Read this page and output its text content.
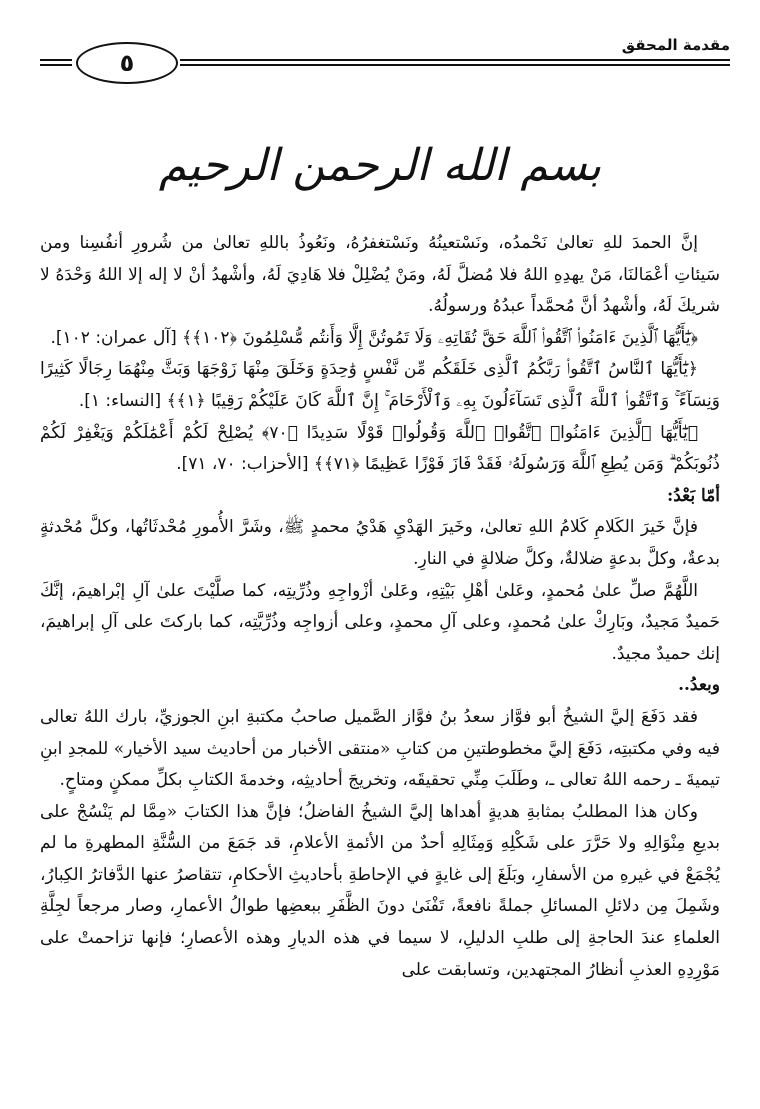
مقدمة المحقق
٥
بسم الله الرحمن الرحيم

إنَّ الحمدَ للهِ تعالىٰ نَحْمدُه، ونَسْتعينُهُ ونَسْتغفرُهُ، ونَعُوذُ باللهِ تعالىٰ من شُرورِ أنفُسِنا ومن سَيئاتِ أعْمَالنَا، مَنْ يهدِهِ اللهُ فلا مُضلَّ لَهُ، ومَنْ يُضْلِلْ فلا هَادِيَ لَهُ، وأشْهدُ أنْ لا إله إلا اللهُ وَحْدَهُ لا شريكَ لَهُ، وأشْهدُ أنَّ مُحمَّداً عبدُهُ ورسولُهُ.

﴿يَٰٓأَيُّهَا ٱلَّذِينَ ءَامَنُوا۟ ٱتَّقُوا۟ ٱللَّهَ حَقَّ تُقَاتِهِۦ وَلَا تَمُوتُنَّ إِلَّا وَأَنتُم مُّسْلِمُونَ ﴿١٠٢﴾﴾ [آل عمران: ١٠٢].

﴿يَٰٓأَيُّهَا ٱلنَّاسُ ٱتَّقُوا۟ رَبَّكُمُ ٱلَّذِى خَلَقَكُم مِّن نَّفْسٍ وَٰحِدَةٍ وَخَلَقَ مِنْهَا زَوْجَهَا وَبَثَّ مِنْهُمَا رِجَالًا كَثِيرًا وَنِسَآءً ۚ وَٱتَّقُوا۟ ٱللَّهَ ٱلَّذِى تَسَآءَلُونَ بِهِۦ وَٱلْأَرْحَامَ ۚ إِنَّ ٱللَّهَ كَانَ عَلَيْكُمْ رَقِيبًا ﴿١﴾﴾ [النساء: ١].

﴿يَٰٓأَيُّهَا ٱلَّذِينَ ءَامَنُوا۟ ٱتَّقُوا۟ ٱللَّهَ وَقُولُوا۟ قَوْلًا سَدِيدًا ﴿٧٠﴾ يُصْلِحْ لَكُمْ أَعْمَٰلَكُمْ وَيَغْفِرْ لَكُمْ ذُنُوبَكُمْ ۗ وَمَن يُطِعِ ٱللَّهَ وَرَسُولَهُۥ فَقَدْ فَازَ فَوْزًا عَظِيمًا ﴿٧١﴾﴾ [الأحزاب: ٧٠، ٧١].

أمّا بَعْدُ:

فإنَّ خَيرَ الكَلامِ كَلامُ اللهِ تعالىٰ، وخَيرَ الهَدْيِ هَدْيُ محمدٍ ﷺ، وشَرَّ الأُمورِ مُحْدثَاتُها، وكلَّ مُحْدثةٍ بدعةٌ، وكلَّ بدعةٍ ضلالةٌ، وكلَّ ضلالةٍ في النارِ.

اللَّهُمَّ صلِّ علىٰ مُحمدٍ، وعَلىٰ أهْلِ بَيْتِهِ، وعَلىٰ أزْواجِهِ وذُرِّيتِه، كما صلَّيْتَ علىٰ آلِ إبْراهيمَ، إنَّكَ حَميدٌ مَجيدٌ، وبَارِكْ علىٰ مُحمدٍ، وعلى آلِ محمدٍ، وعلى أزواجِه وذُرِّيَّتِه، كما باركتَ على آلِ إبراهيمَ، إنك حميدٌ مجيدٌ.

وبعدُ..

فقد دَفَعَ إليَّ الشيخُ أبو فوَّاز سعدُ بنُ فوَّاز الصَّميل صاحبُ مكتبةِ ابنِ الجوزيِّ، بارك اللهُ تعالى فيه وفي مكتبتِه، دَفَعَ إليَّ مخطوطتينِ من كتابِ «منتقى الأخبار من أحاديث سيد الأخيار» للمجدِ ابنِ تيميةَ ـ رحمه اللهُ تعالى ـ، وطَلَبَ مِنِّي تحقيقَه، وتخريجَ أحاديثِه، وخدمةَ الكتابِ بكلِّ ممكنٍ ومتاحٍ.

وكان هذا المطلبُ بمثابةِ هديةٍ أهداها إليَّ الشيخُ الفاضلُ؛ فإنَّ هذا الكتابَ «مِمَّا لم يَنْسُجْ على بديعِ مِنْوَالِهِ ولا حَرَّرَ على شَكْلِهِ وَمِثَالِهِ أحدٌ من الأئمةِ الأعلامِ، قد جَمَعَ من السُّنَّةِ المطهرةِ ما لم يُجْمَعْ في غيرهِ من الأسفارِ، وبَلَغَ إلى غايةٍ في الإحاطةِ بأحاديثِ الأحكامِ، تتقاصرُ عنها الدَّفاترُ الكِبارُ، وشَمِلَ مِن دلائلِ المسائلِ جملةً نافعةً، تَفْنَىٰ دونَ الظَّفَرِ ببعضِها طوالُ الأعمارِ، وصار مرجعاً لجِلَّةِ العلماءِ عندَ الحاجةِ إلى طلبِ الدليلِ، لا سيما في هذه الديارِ وهذه الأعصارِ؛ فإنها تزاحمتْ على مَوْرِدِهِ العذبِ أنظارُ المجتهدين، وتسابقت على
